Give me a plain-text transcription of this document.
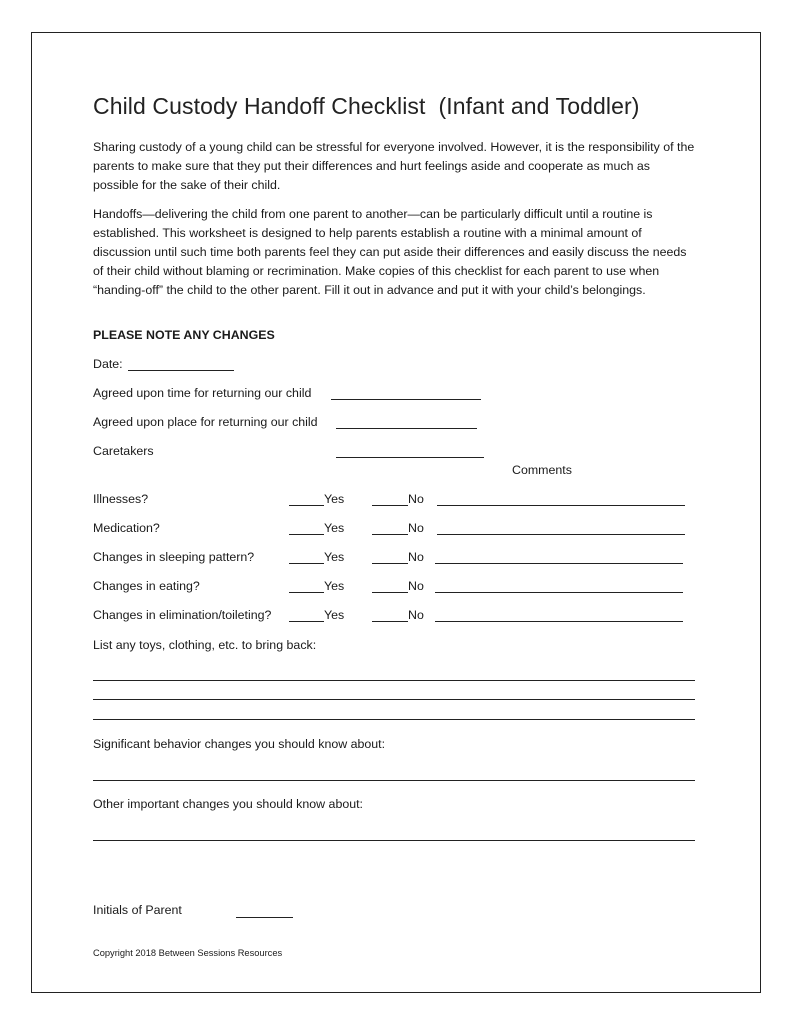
Child Custody Handoff Checklist  (Infant and Toddler)

Sharing custody of a young child can be stressful for everyone involved. However, it is the responsibility of the parents to make sure that they put their differences and hurt feelings aside and cooperate as much as possible for the sake of their child.

Handoffs—delivering the child from one parent to another—can be particularly difficult until a routine is established. This worksheet is designed to help parents establish a routine with a minimal amount of discussion until such time both parents feel they can put aside their differences and easily discuss the needs of their child without blaming or recrimination. Make copies of this checklist for each parent to use when “handing-off” the child to the other parent. Fill it out in advance and put it with your child’s belongings.

PLEASE NOTE ANY CHANGES
Date:
Agreed upon time for returning our child
Agreed upon place for returning our child
Caretakers
Comments
Illnesses?	Yes	No
Medication?	Yes	No
Changes in sleeping pattern?	Yes	No
Changes in eating?	Yes	No
Changes in elimination/toileting?	Yes	No
List any toys, clothing, etc. to bring back:
Significant behavior changes you should know about:
Other important changes you should know about:
Initials of Parent
Copyright 2018 Between Sessions Resources
